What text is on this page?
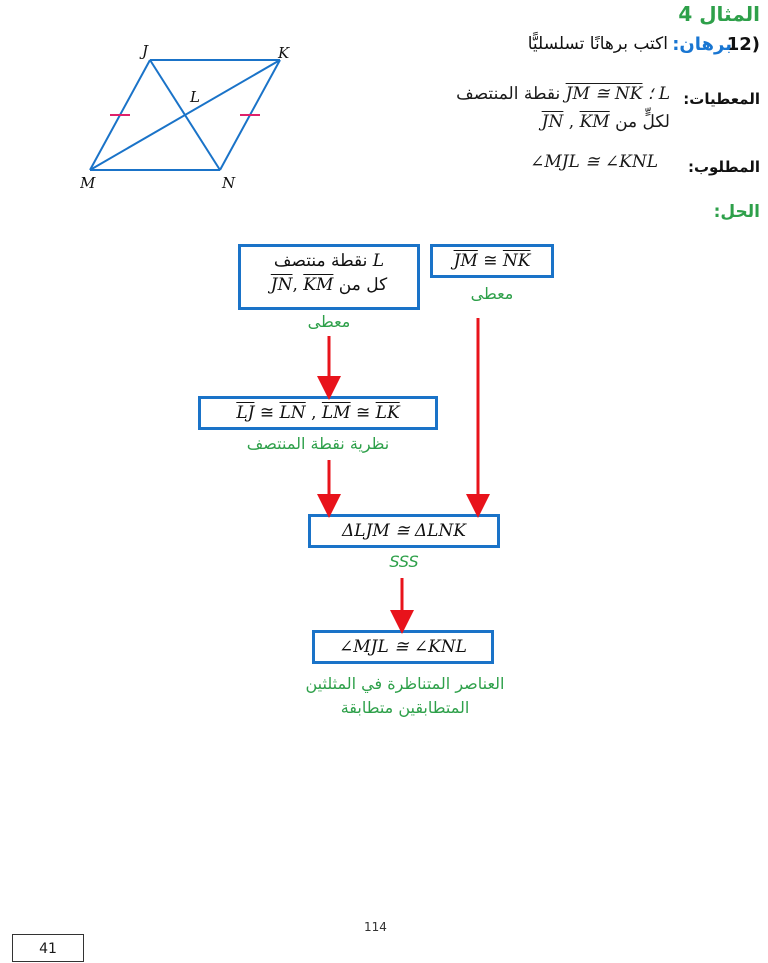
المثال 4
12)
برهان:
اكتب برهانًا تسلسليًّا
المعطيات:
L ؛ JM ≅ NK نقطة المنتصف
لكلٍّ من JN , KM
المطلوب:
∠MJL ≅ ∠KNL
الحل:
J	K
L
M	N
L نقطة منتصف
كل من $\overline{JN}$, $\overline{KM}$
معطى
$\overline{JM}$ ≅ $\overline{NK}$
معطى
$\overline{LJ}$ ≅ $\overline{LN}$ , $\overline{LM}$ ≅ $\overline{LK}$
نظرية نقطة المنتصف
ΔLJM ≅ ΔLNK
SSS
∠MJL ≅ ∠KNL
العناصر المتناظرة في المثلثين
المتطابقين متطابقة
114
41
